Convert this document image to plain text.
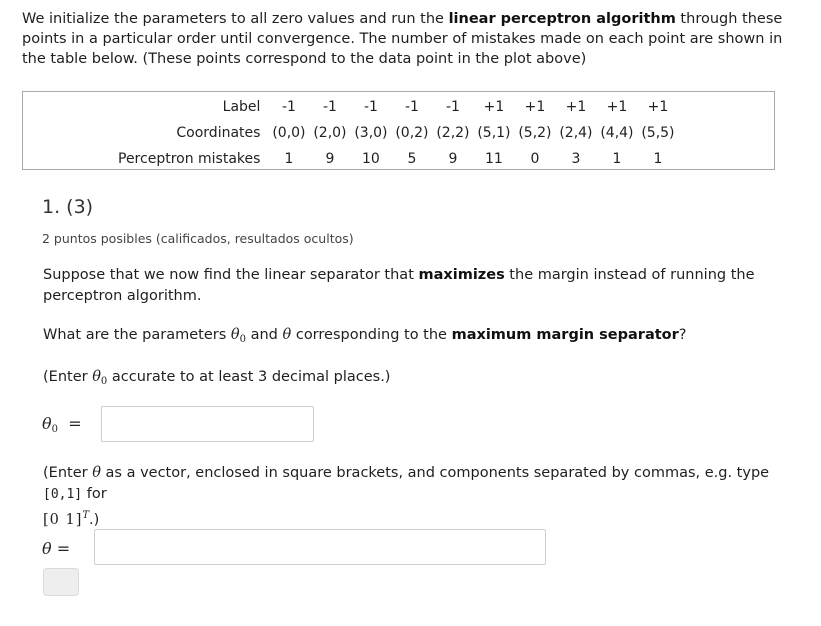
We initialize the parameters to all zero values and run the linear perceptron algorithm through these points in a particular order until convergence. The number of mistakes made on each point are shown in the table below. (These points correspond to the data point in the plot above)
Label	-1	-1	-1	-1	-1	+1	+1	+1	+1	+1
Coordinates	(0,0)	(2,0)	(3,0)	(0,2)	(2,2)	(5,1)	(5,2)	(2,4)	(4,4)	(5,5)
Perceptron mistakes	1	9	10	5	9	11	0	3	1	1
1. (3)
2 puntos posibles (calificados, resultados ocultos)
Suppose that we now find the linear separator that maximizes the margin instead of running the perceptron algorithm.
What are the parameters $\theta_0$ and θ corresponding to the maximum margin separator?
(Enter $\theta_0$ accurate to at least 3 decimal places.)
$\theta_0$  =
(Enter θ as a vector, enclosed in square brackets, and components separated by commas, e.g. type [0,1] for
[0 1]$^T$.)
θ =
